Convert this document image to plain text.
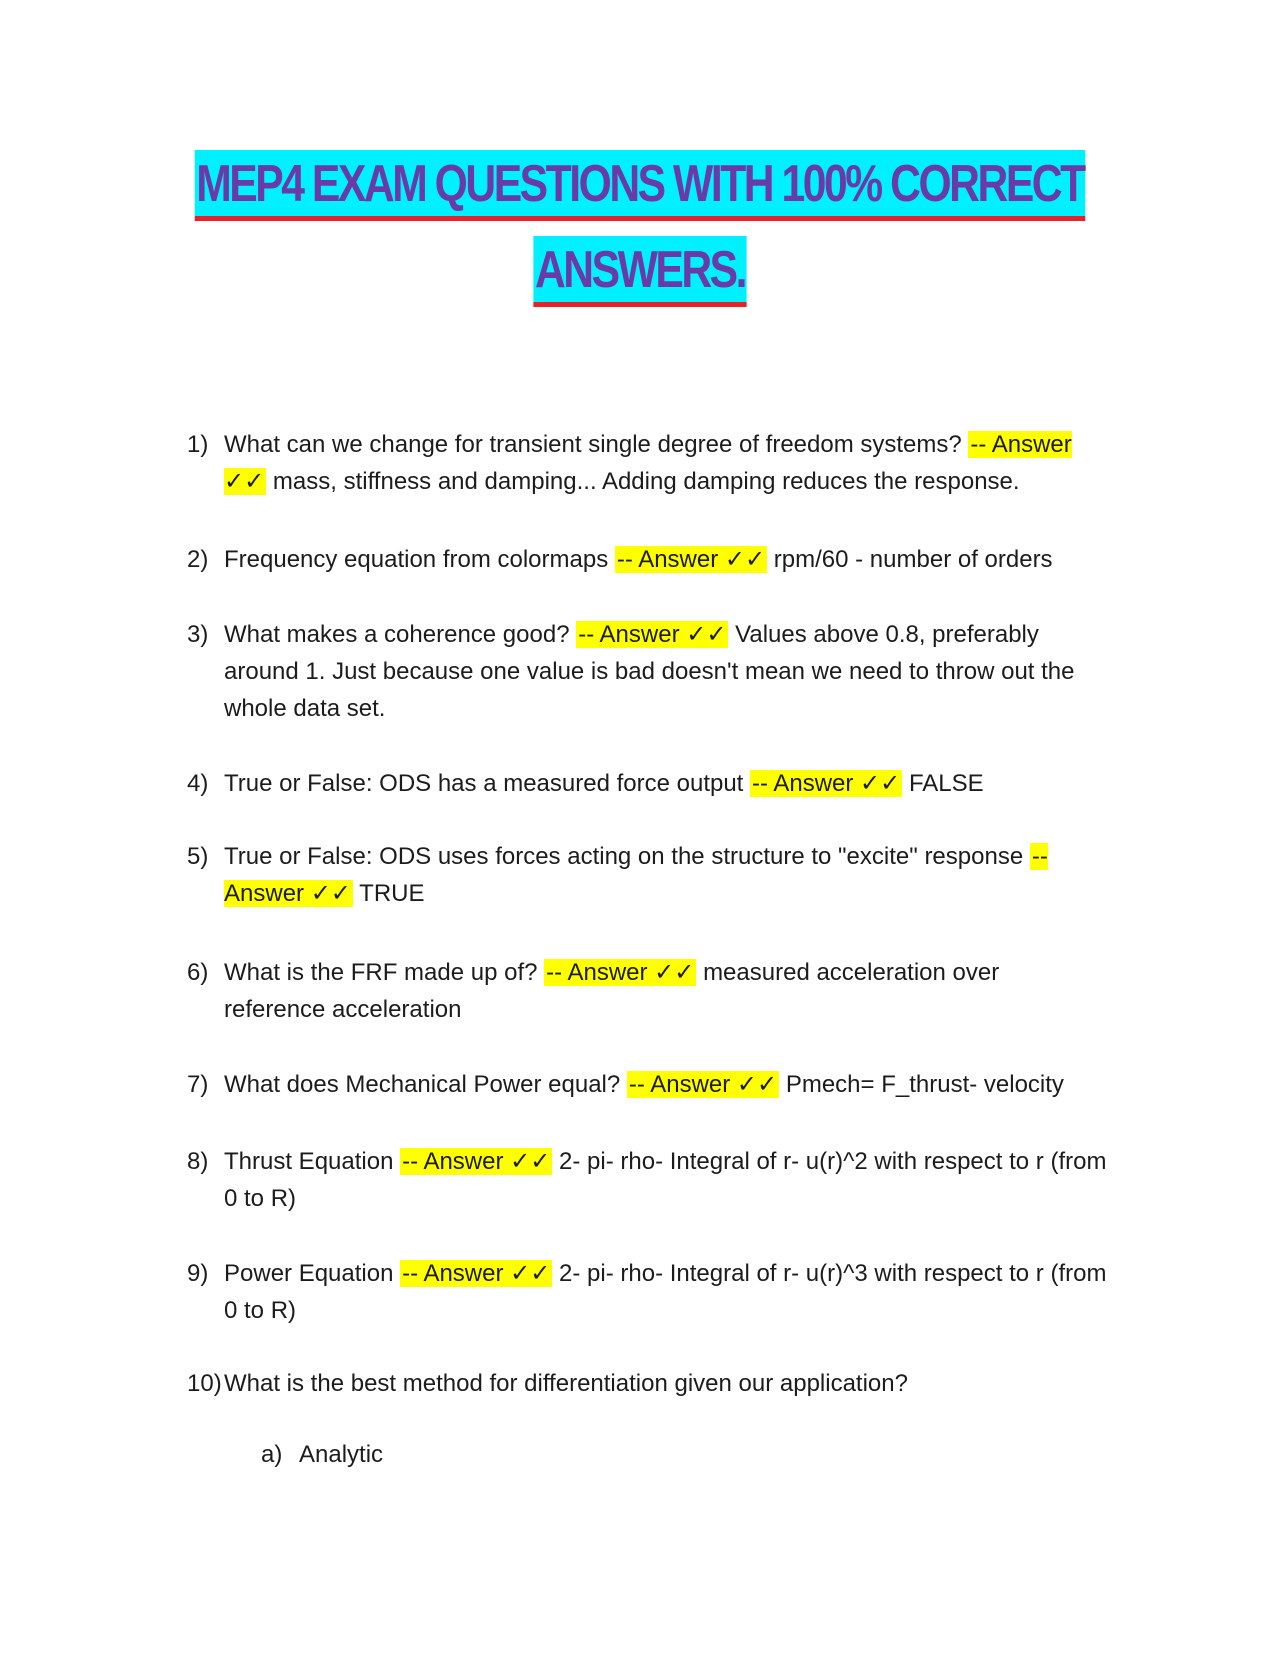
MEP4 EXAM QUESTIONS WITH 100% CORRECT
ANSWERS.
1) What can we change for transient single degree of freedom systems? -- Answer ✓✓ mass, stiffness and damping... Adding damping reduces the response.
2) Frequency equation from colormaps -- Answer ✓✓ rpm/60 - number of orders
3) What makes a coherence good? -- Answer ✓✓ Values above 0.8, preferably around 1. Just because one value is bad doesn't mean we need to throw out the whole data set.
4) True or False: ODS has a measured force output -- Answer ✓✓ FALSE
5) True or False: ODS uses forces acting on the structure to "excite" response -- Answer ✓✓ TRUE
6) What is the FRF made up of? -- Answer ✓✓ measured acceleration over reference acceleration
7) What does Mechanical Power equal? -- Answer ✓✓ Pmech= F_thrust- velocity
8) Thrust Equation -- Answer ✓✓ 2- pi- rho- Integral of r- u(r)^2 with respect to r (from 0 to R)
9) Power Equation -- Answer ✓✓ 2- pi- rho- Integral of r- u(r)^3 with respect to r (from 0 to R)
10) What is the best method for differentiation given our application?
a) Analytic
